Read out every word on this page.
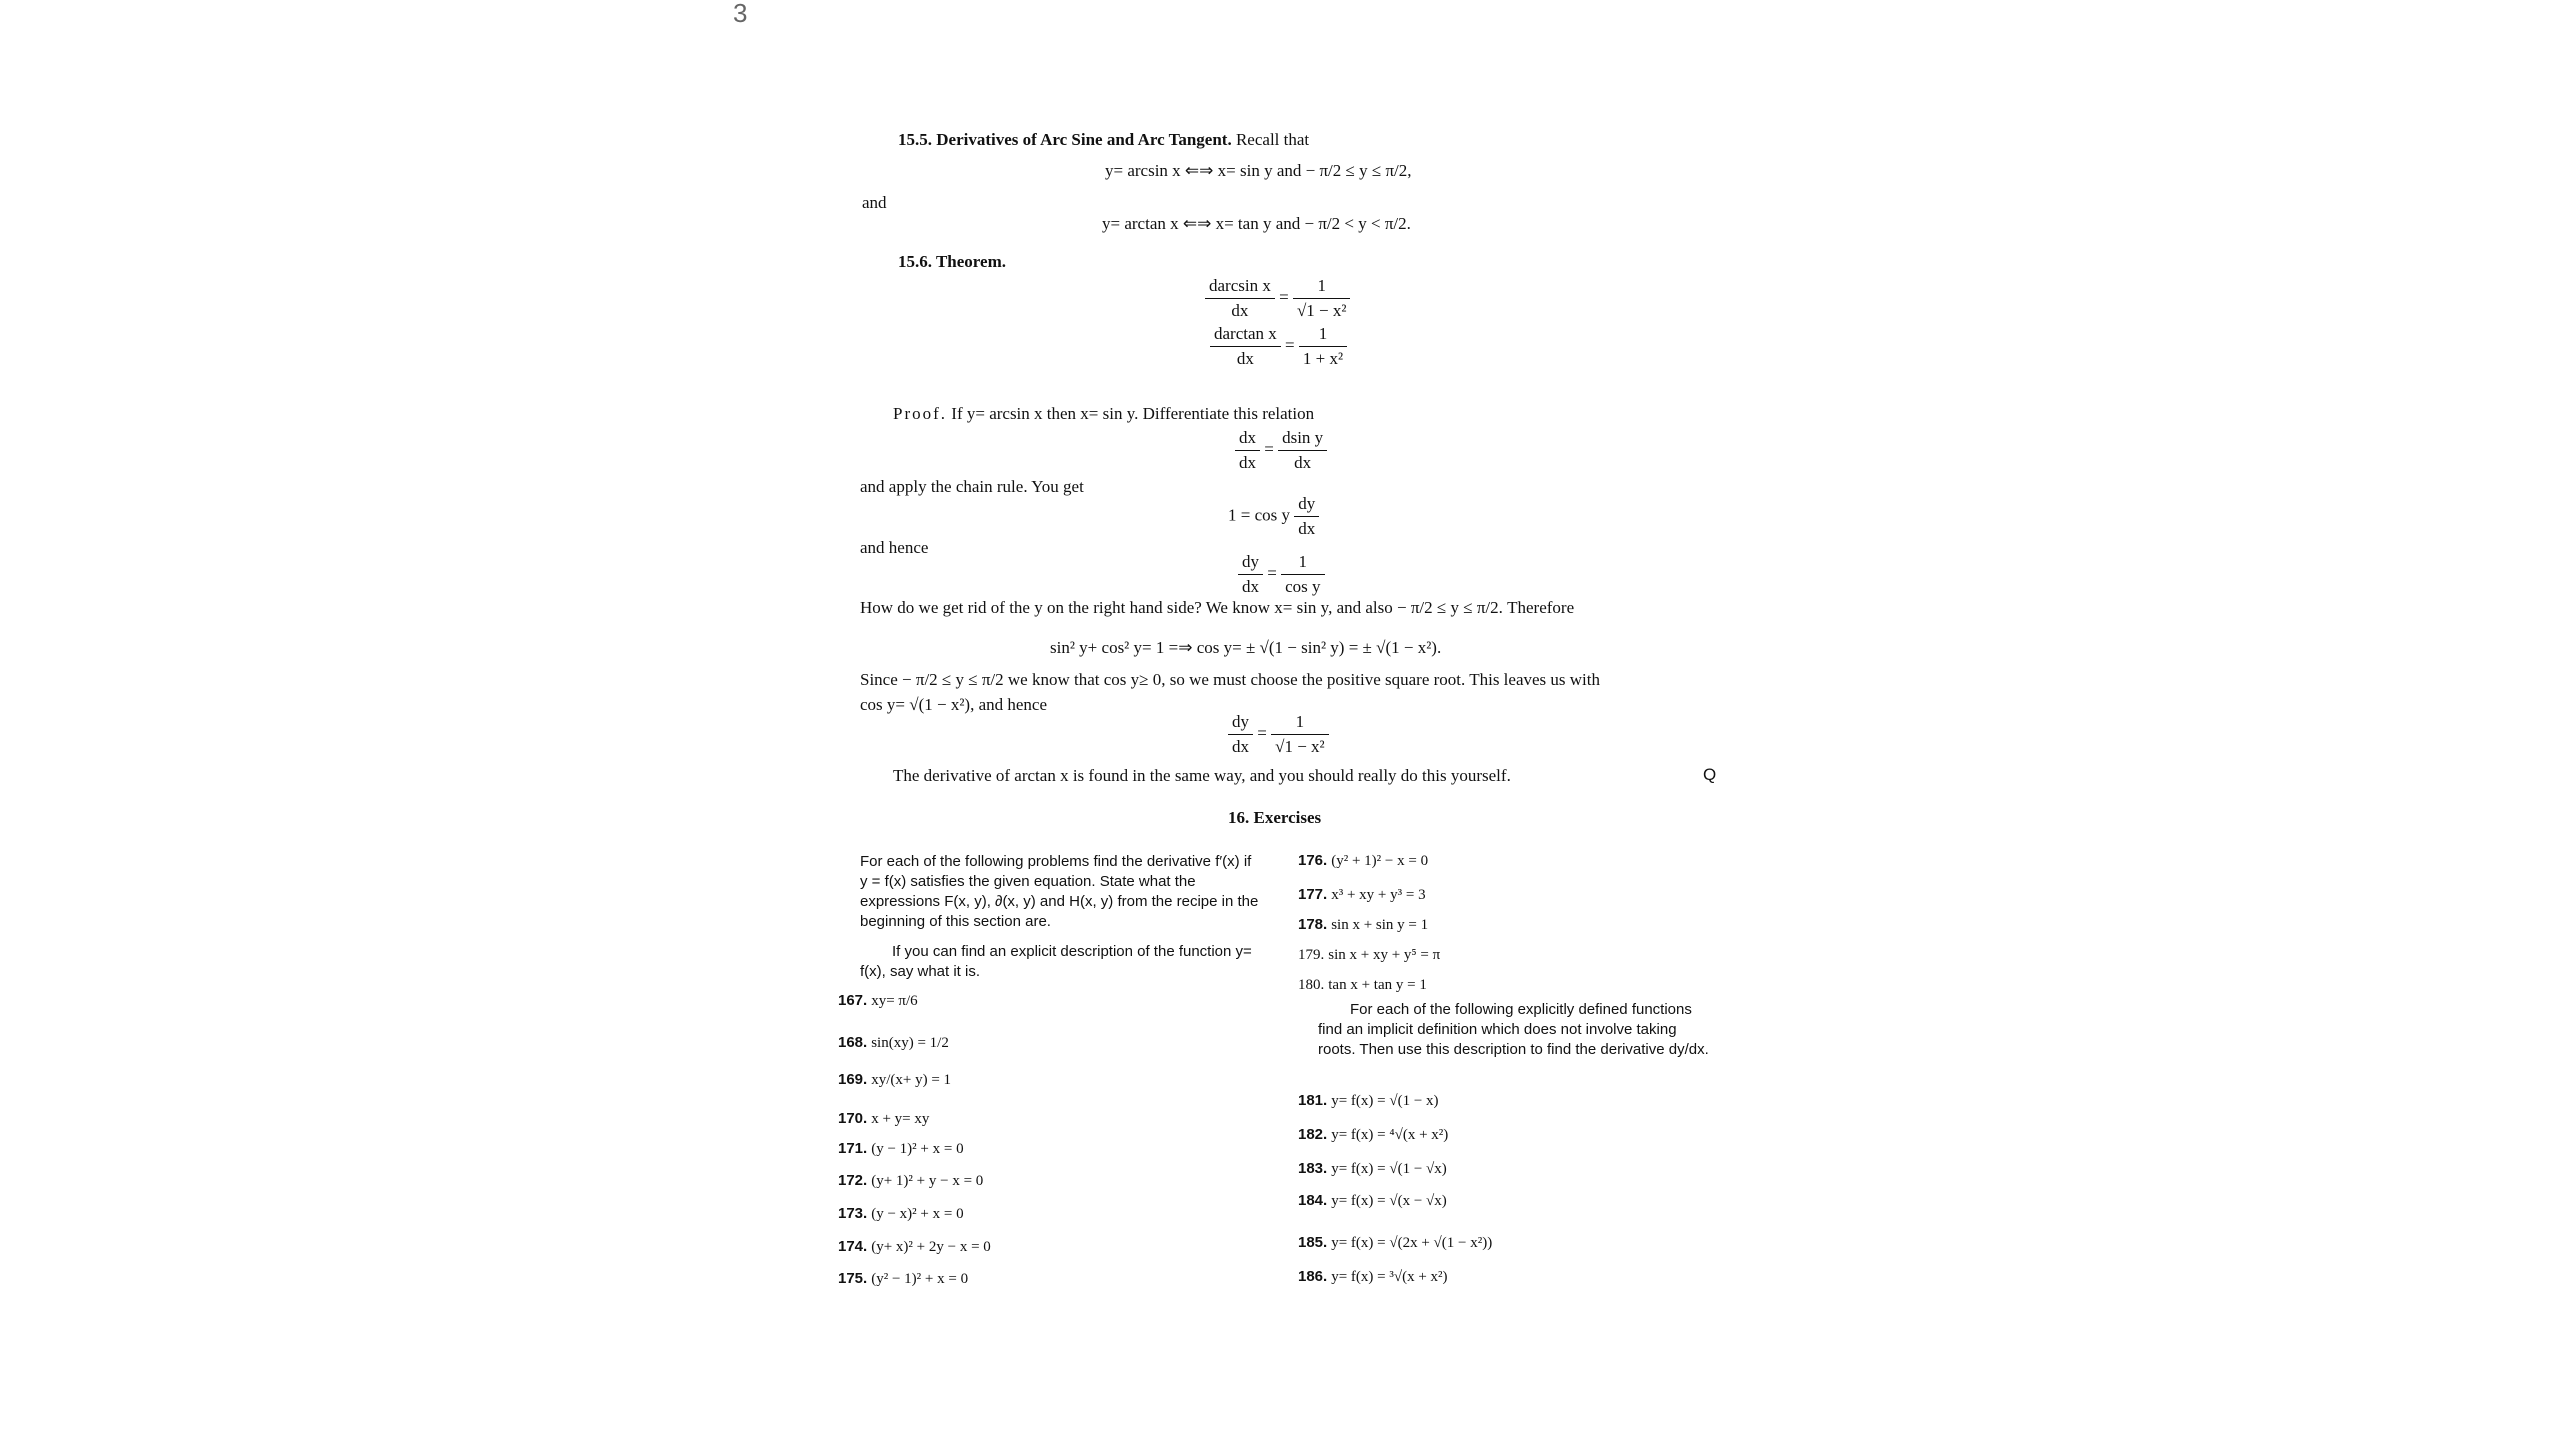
3
15.5. Derivatives of Arc Sine and Arc Tangent. Recall that
y= arcsin x ⇐⇒ x= sin y and − π/2 ≤ y ≤ π/2,
and
y= arctan x ⇐⇒ x= tan y and − π/2 < y < π/2.
15.6. Theorem.
$\frac{\text{darcsin x}}{dx} = \frac{1}{\text{√1 − x²}}$
$\frac{\text{darctan x}}{dx} = \frac{1}{\text{1 + x²}}$
Proof. If y= arcsin x then x= sin y. Differentiate this relation
$\frac{dx}{dx} = \frac{\text{dsin y}}{dx}$
and apply the chain rule. You get
1 = cos y $\frac{dy}{dx}$
and hence
$\frac{dy}{dx} = \frac{1}{\text{cos y}}$
How do we get rid of the y on the right hand side? We know x= sin y, and also − π/2 ≤ y ≤ π/2. Therefore
sin² y+ cos² y= 1 =⇒ cos y= ± √(1 − sin² y) = ± √(1 − x²).
Since − π/2 ≤ y ≤ π/2 we know that cos y≥ 0, so we must choose the positive square root. This leaves us with
cos y= √(1 − x²), and hence
$\frac{dy}{dx} = \frac{1}{\text{√1 − x²}}$
The derivative of arctan x is found in the same way, and you should really do this yourself.	Q
16. Exercises
For each of the following problems find the derivative f′(x) if y = f(x) satisfies the given equation. State what the expressions F(x, y), ∂(x, y) and H(x, y) from the recipe in the beginning of this section are.
If you can find an explicit description of the function y= f(x), say what it is.
167. xy= π/6
168. sin(xy) = 1/2
169. xy/(x+ y) = 1
170. x + y= xy
171. (y − 1)² + x = 0
172. (y+ 1)² + y − x = 0
173. (y − x)² + x = 0
174. (y+ x)² + 2y − x = 0
175. (y² − 1)² + x = 0
176. (y² + 1)² − x = 0
177. x³ + xy + y³ = 3
178. sin x + sin y = 1
179. sin x + xy + y⁵ = π
180. tan x + tan y = 1
For each of the following explicitly defined functions find an implicit definition which does not involve taking roots. Then use this description to find the derivative dy/dx.
181. y= f(x) = √(1 − x)
182. y= f(x) = ⁴√(x + x²)
183. y= f(x) = √(1 − √x)
184. y= f(x) = √(x − √x)
185. y= f(x) = √(2x + √(1 − x²))
186. y= f(x) = ³√(x + x²)
